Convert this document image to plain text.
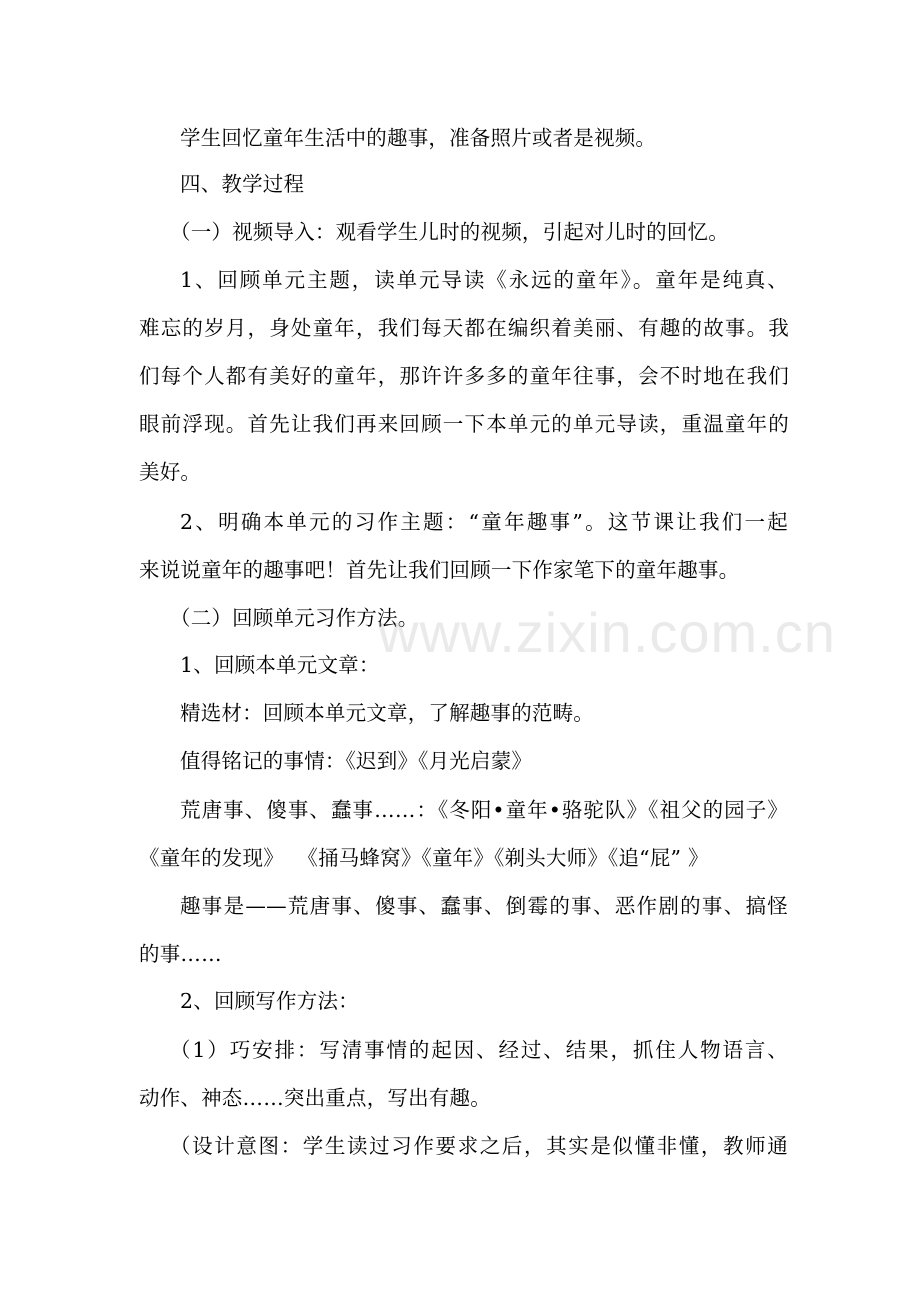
学生回忆童年生活中的趣事，准备照片或者是视频。
四、教学过程
（一）视频导入：观看学生儿时的视频，引起对儿时的回忆。
1、回顾单元主题，读单元导读《永远的童年》。童年是纯真、
难忘的岁月，身处童年，我们每天都在编织着美丽、有趣的故事。我
们每个人都有美好的童年，那许许多多的童年往事，会不时地在我们
眼前浮现。首先让我们再来回顾一下本单元的单元导读，重温童年的
美好。
2、明确本单元的习作主题：“童年趣事”。这节课让我们一起
来说说童年的趣事吧！首先让我们回顾一下作家笔下的童年趣事。
（二）回顾单元习作方法。
1、回顾本单元文章：
精选材：回顾本单元文章，了解趣事的范畴。
值得铭记的事情：《迟到》《月光启蒙》
荒唐事、傻事、蠢事……：《冬阳•童年•骆驼队》《祖父的园子》
《童年的发现》  《捅马蜂窝》《童年》《剃头大师》《追“屁” 》
趣事是——荒唐事、傻事、蠢事、倒霉的事、恶作剧的事、搞怪
的事……
2、回顾写作方法：
（1）巧安排：写清事情的起因、经过、结果，抓住人物语言、
动作、神态……突出重点，写出有趣。
（设计意图：学生读过习作要求之后，其实是似懂非懂，教师通
www.zixin.com.cn
